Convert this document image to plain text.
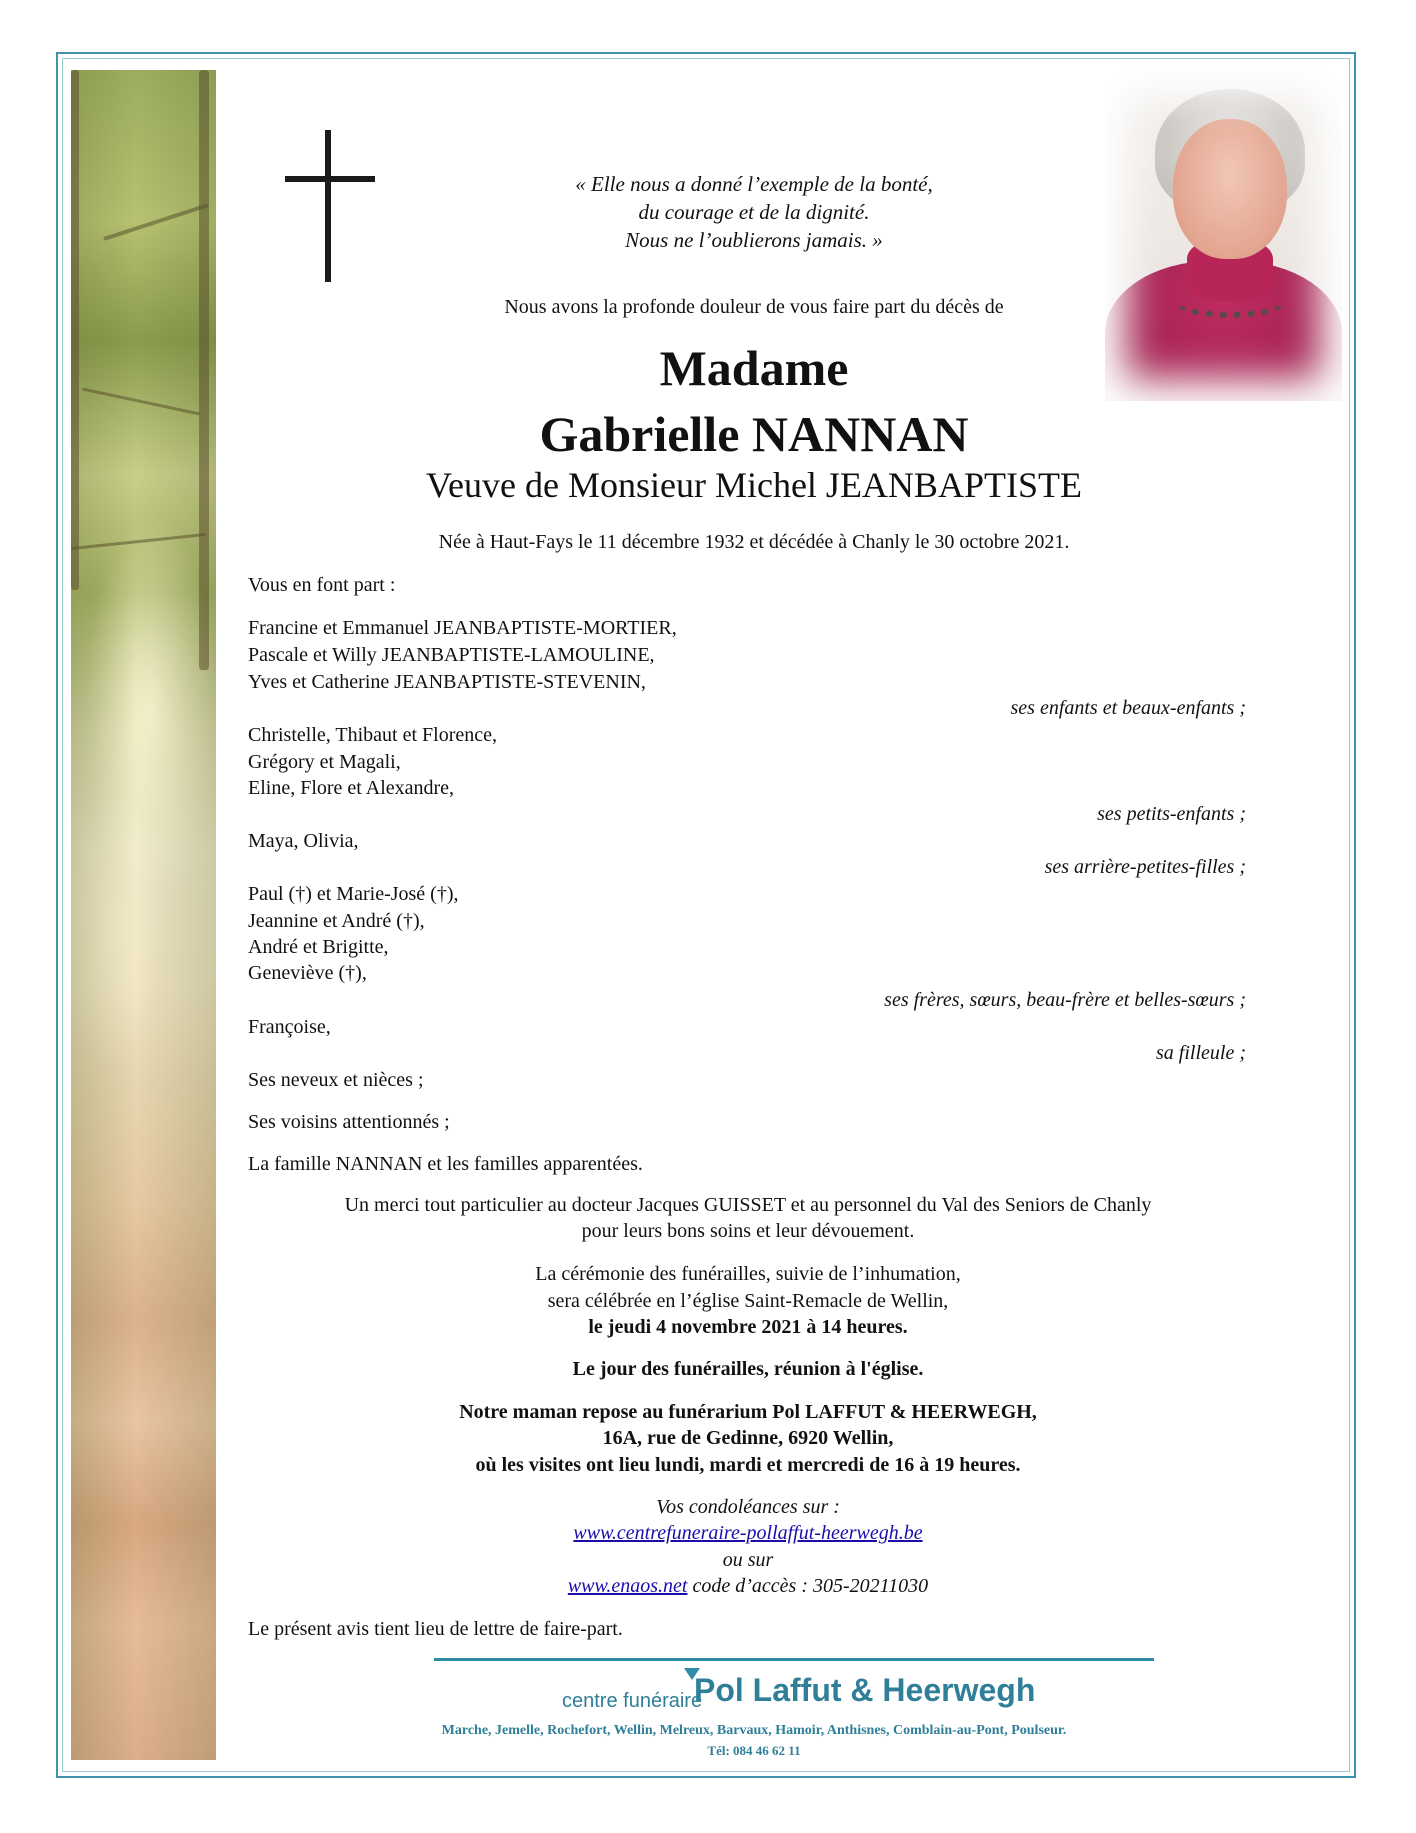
« Elle nous a donné l’exemple de la bonté,
du courage et de la dignité.
Nous ne l’oublierons jamais. »
Nous avons la profonde douleur de vous faire part du décès de
Madame
Gabrielle NANNAN
Veuve de Monsieur Michel JEANBAPTISTE
Née à Haut-Fays le 11 décembre 1932 et décédée à Chanly le 30 octobre 2021.
Vous en font part :
Francine et Emmanuel JEANBAPTISTE-MORTIER,
Pascale et Willy JEANBAPTISTE-LAMOULINE,
Yves et Catherine JEANBAPTISTE-STEVENIN,
ses enfants et beaux-enfants ;
Christelle, Thibaut et Florence,
Grégory et Magali,
Eline, Flore et Alexandre,
ses petits-enfants ;
Maya, Olivia,
ses arrière-petites-filles ;
Paul (†) et Marie-José (†),
Jeannine et André (†),
André et Brigitte,
Geneviève (†),
ses frères, sœurs, beau-frère et belles-sœurs ;
Françoise,
sa filleule ;
Ses neveux et nièces ;
Ses voisins attentionnés ;
La famille NANNAN et les familles apparentées.
Un merci tout particulier au docteur Jacques GUISSET et au personnel du Val des Seniors de Chanly
pour leurs bons soins et leur dévouement.
La cérémonie des funérailles, suivie de l’inhumation,
sera célébrée en l’église Saint-Remacle de Wellin,
le jeudi 4 novembre 2021 à 14 heures.
Le jour des funérailles, réunion à l'église.
Notre maman repose au funérarium Pol LAFFUT & HEERWEGH,
16A, rue de Gedinne, 6920 Wellin,
où les visites ont lieu lundi, mardi et mercredi de 16 à 19 heures.
Vos condoléances sur :
www.centrefuneraire-pollaffut-heerwegh.be
ou sur
www.enaos.net code d’accès : 305-20211030
Le présent avis tient lieu de lettre de faire-part.
centre funéraire
Pol Laffut & Heerwegh
Marche, Jemelle, Rochefort, Wellin, Melreux, Barvaux, Hamoir, Anthisnes, Comblain-au-Pont, Poulseur.
Tél: 084 46 62 11
